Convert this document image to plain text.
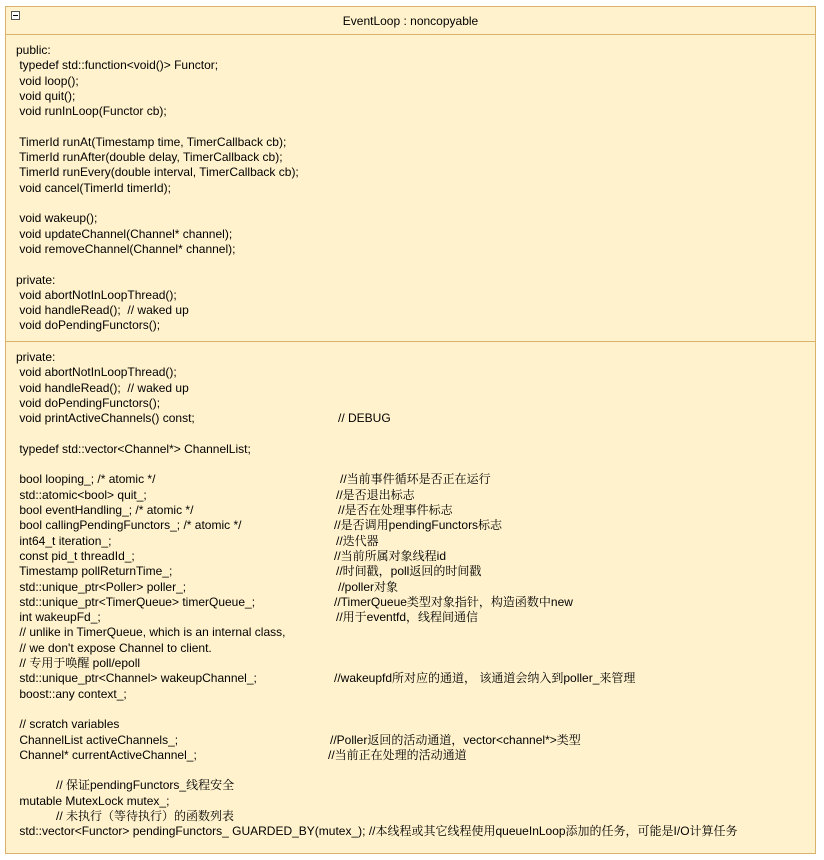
EventLoop : noncopyable
public:
typedef std::function<void()> Functor;
void loop();
void quit();
void runInLoop(Functor cb);
TimerId runAt(Timestamp time, TimerCallback cb);
TimerId runAfter(double delay, TimerCallback cb);
TimerId runEvery(double interval, TimerCallback cb);
void cancel(TimerId timerId);
void wakeup();
void updateChannel(Channel* channel);
void removeChannel(Channel* channel);
private:
void abortNotInLoopThread();
void handleRead();  // waked up
void doPendingFunctors();
private:
void abortNotInLoopThread();
void handleRead();  // waked up
void doPendingFunctors();
void printActiveChannels() const;	// DEBUG
typedef std::vector<Channel*> ChannelList;
bool looping_; /* atomic */	//当前事件循环是否正在运行
std::atomic<bool> quit_;	//是否退出标志
bool eventHandling_; /* atomic */	//是否在处理事件标志
bool callingPendingFunctors_; /* atomic */	//是否调用pendingFunctors标志
int64_t iteration_;	//迭代器
const pid_t threadId_;	//当前所属对象线程id
Timestamp pollReturnTime_;	//时间戳，poll返回的时间戳
std::unique_ptr<Poller> poller_;	//poller对象
std::unique_ptr<TimerQueue> timerQueue_;	//TimerQueue类型对象指针，构造函数中new
int wakeupFd_;	//用于eventfd，线程间通信
// unlike in TimerQueue, which is an internal class,
// we don't expose Channel to client.
// 专用于唤醒 poll/epoll
std::unique_ptr<Channel> wakeupChannel_;	//wakeupfd所对应的通道， 该通道会纳入到poller_来管理
boost::any context_;
// scratch variables
ChannelList activeChannels_;	//Poller返回的活动通道，vector<channel*>类型
Channel* currentActiveChannel_;	//当前正在处理的活动通道
// 保证pendingFunctors_线程安全
mutable MutexLock mutex_;
// 未执行（等待执行）的函数列表
std::vector<Functor> pendingFunctors_ GUARDED_BY(mutex_); //本线程或其它线程使用queueInLoop添加的任务，可能是I/O计算任务
